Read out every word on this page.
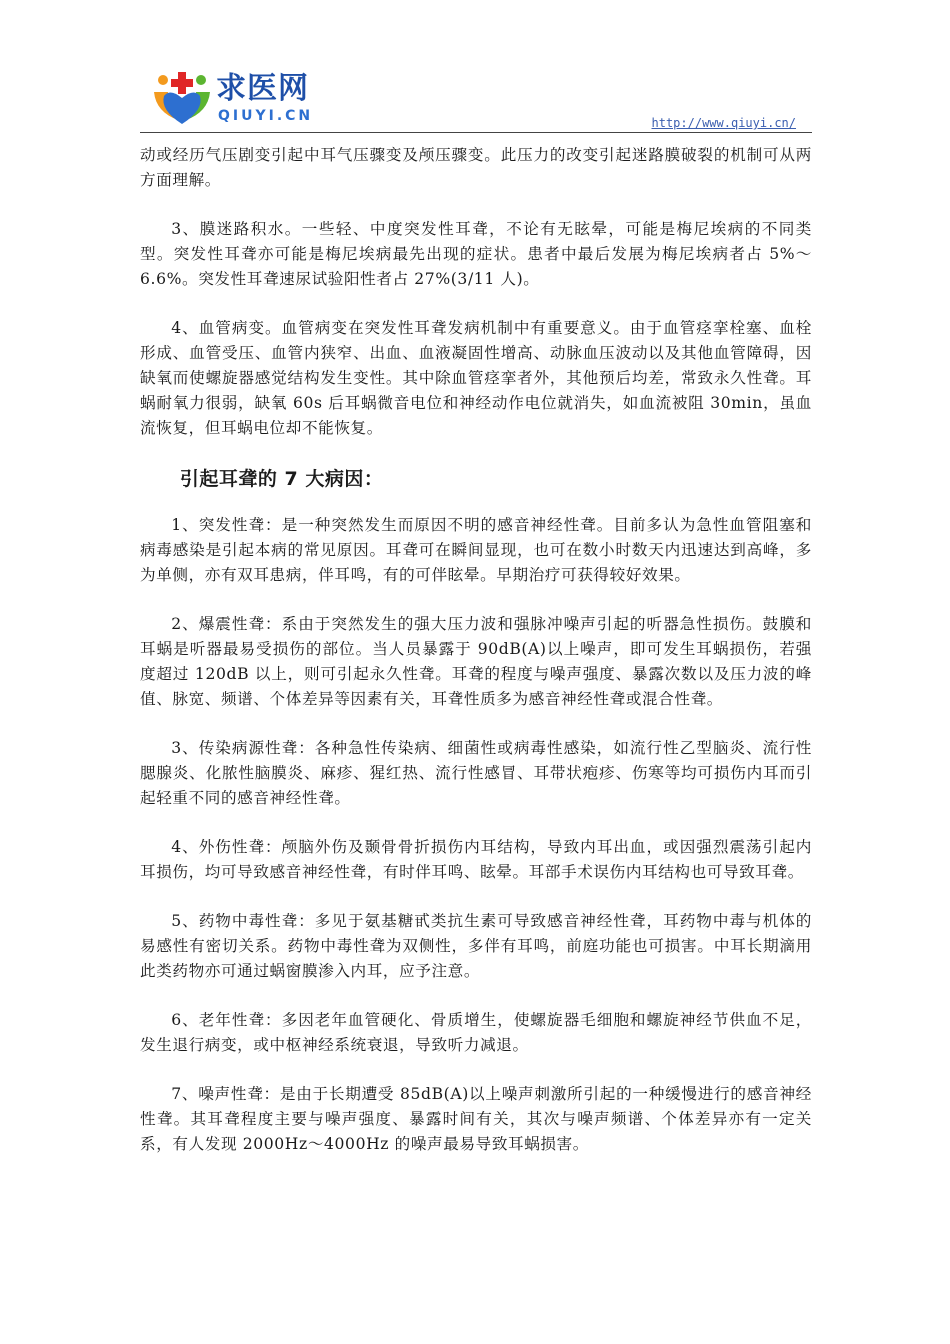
求医网
QIUYI.CN	http://www.qiuyi.cn/

动或经历气压剧变引起中耳气压骤变及颅压骤变。此压力的改变引起迷路膜破裂的机制可从两方面理解。

3、膜迷路积水。一些轻、中度突发性耳聋，不论有无眩晕，可能是梅尼埃病的不同类型。突发性耳聋亦可能是梅尼埃病最先出现的症状。患者中最后发展为梅尼埃病者占 5%～6.6%。突发性耳聋速尿试验阳性者占 27%(3/11 人)。

4、血管病变。血管病变在突发性耳聋发病机制中有重要意义。由于血管痉挛栓塞、血栓形成、血管受压、血管内狭窄、出血、血液凝固性增高、动脉血压波动以及其他血管障碍，因缺氧而使螺旋器感觉结构发生变性。其中除血管痉挛者外，其他预后均差，常致永久性聋。耳蜗耐氧力很弱，缺氧 60s 后耳蜗微音电位和神经动作电位就消失，如血流被阻 30min，虽血流恢复，但耳蜗电位却不能恢复。

引起耳聋的 7 大病因：

1、突发性聋：是一种突然发生而原因不明的感音神经性聋。目前多认为急性血管阻塞和病毒感染是引起本病的常见原因。耳聋可在瞬间显现，也可在数小时数天内迅速达到高峰，多为单侧，亦有双耳患病，伴耳鸣，有的可伴眩晕。早期治疗可获得较好效果。

2、爆震性聋：系由于突然发生的强大压力波和强脉冲噪声引起的听器急性损伤。鼓膜和耳蜗是听器最易受损伤的部位。当人员暴露于 90dB(A)以上噪声，即可发生耳蜗损伤，若强度超过 120dB 以上，则可引起永久性聋。耳聋的程度与噪声强度、暴露次数以及压力波的峰值、脉宽、频谱、个体差异等因素有关，耳聋性质多为感音神经性聋或混合性聋。

3、传染病源性聋：各种急性传染病、细菌性或病毒性感染，如流行性乙型脑炎、流行性腮腺炎、化脓性脑膜炎、麻疹、猩红热、流行性感冒、耳带状疱疹、伤寒等均可损伤内耳而引起轻重不同的感音神经性聋。

4、外伤性聋：颅脑外伤及颞骨骨折损伤内耳结构，导致内耳出血，或因强烈震荡引起内耳损伤，均可导致感音神经性聋，有时伴耳鸣、眩晕。耳部手术误伤内耳结构也可导致耳聋。

5、药物中毒性聋：多见于氨基糖甙类抗生素可导致感音神经性聋，耳药物中毒与机体的易感性有密切关系。药物中毒性聋为双侧性，多伴有耳鸣，前庭功能也可损害。中耳长期滴用此类药物亦可通过蜗窗膜渗入内耳，应予注意。

6、老年性聋：多因老年血管硬化、骨质增生，使螺旋器毛细胞和螺旋神经节供血不足，发生退行病变，或中枢神经系统衰退，导致听力减退。

7、噪声性聋：是由于长期遭受 85dB(A)以上噪声刺激所引起的一种缓慢进行的感音神经性聋。其耳聋程度主要与噪声强度、暴露时间有关，其次与噪声频谱、个体差异亦有一定关系，有人发现 2000Hz～4000Hz 的噪声最易导致耳蜗损害。
